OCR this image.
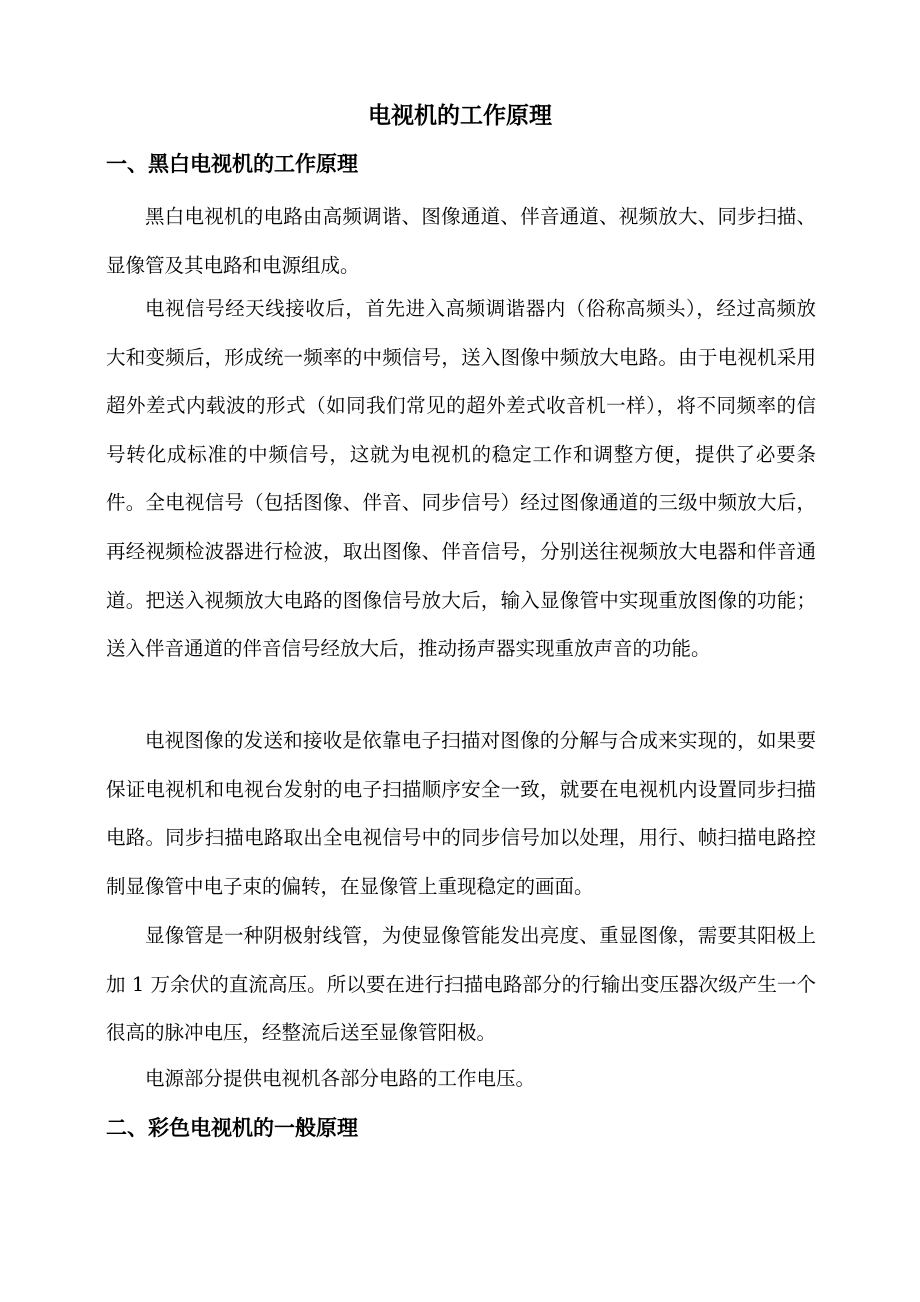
电视机的工作原理
一、黑白电视机的工作原理

黑白电视机的电路由高频调谐、图像通道、伴音通道、视频放大、同步扫描、显像管及其电路和电源组成。

电视信号经天线接收后，首先进入高频调谐器内（俗称高频头），经过高频放大和变频后，形成统一频率的中频信号，送入图像中频放大电路。由于电视机采用超外差式内载波的形式（如同我们常见的超外差式收音机一样），将不同频率的信号转化成标准的中频信号，这就为电视机的稳定工作和调整方便，提供了必要条件。全电视信号（包括图像、伴音、同步信号）经过图像通道的三级中频放大后，再经视频检波器进行检波，取出图像、伴音信号，分别送往视频放大电器和伴音通道。把送入视频放大电路的图像信号放大后，输入显像管中实现重放图像的功能；送入伴音通道的伴音信号经放大后，推动扬声器实现重放声音的功能。

电视图像的发送和接收是依靠电子扫描对图像的分解与合成来实现的，如果要保证电视机和电视台发射的电子扫描顺序安全一致，就要在电视机内设置同步扫描电路。同步扫描电路取出全电视信号中的同步信号加以处理，用行、帧扫描电路控制显像管中电子束的偏转，在显像管上重现稳定的画面。

显像管是一种阴极射线管，为使显像管能发出亮度、重显图像，需要其阳极上加 1 万余伏的直流高压。所以要在进行扫描电路部分的行输出变压器次级产生一个很高的脉冲电压，经整流后送至显像管阳极。

电源部分提供电视机各部分电路的工作电压。

二、彩色电视机的一般原理
